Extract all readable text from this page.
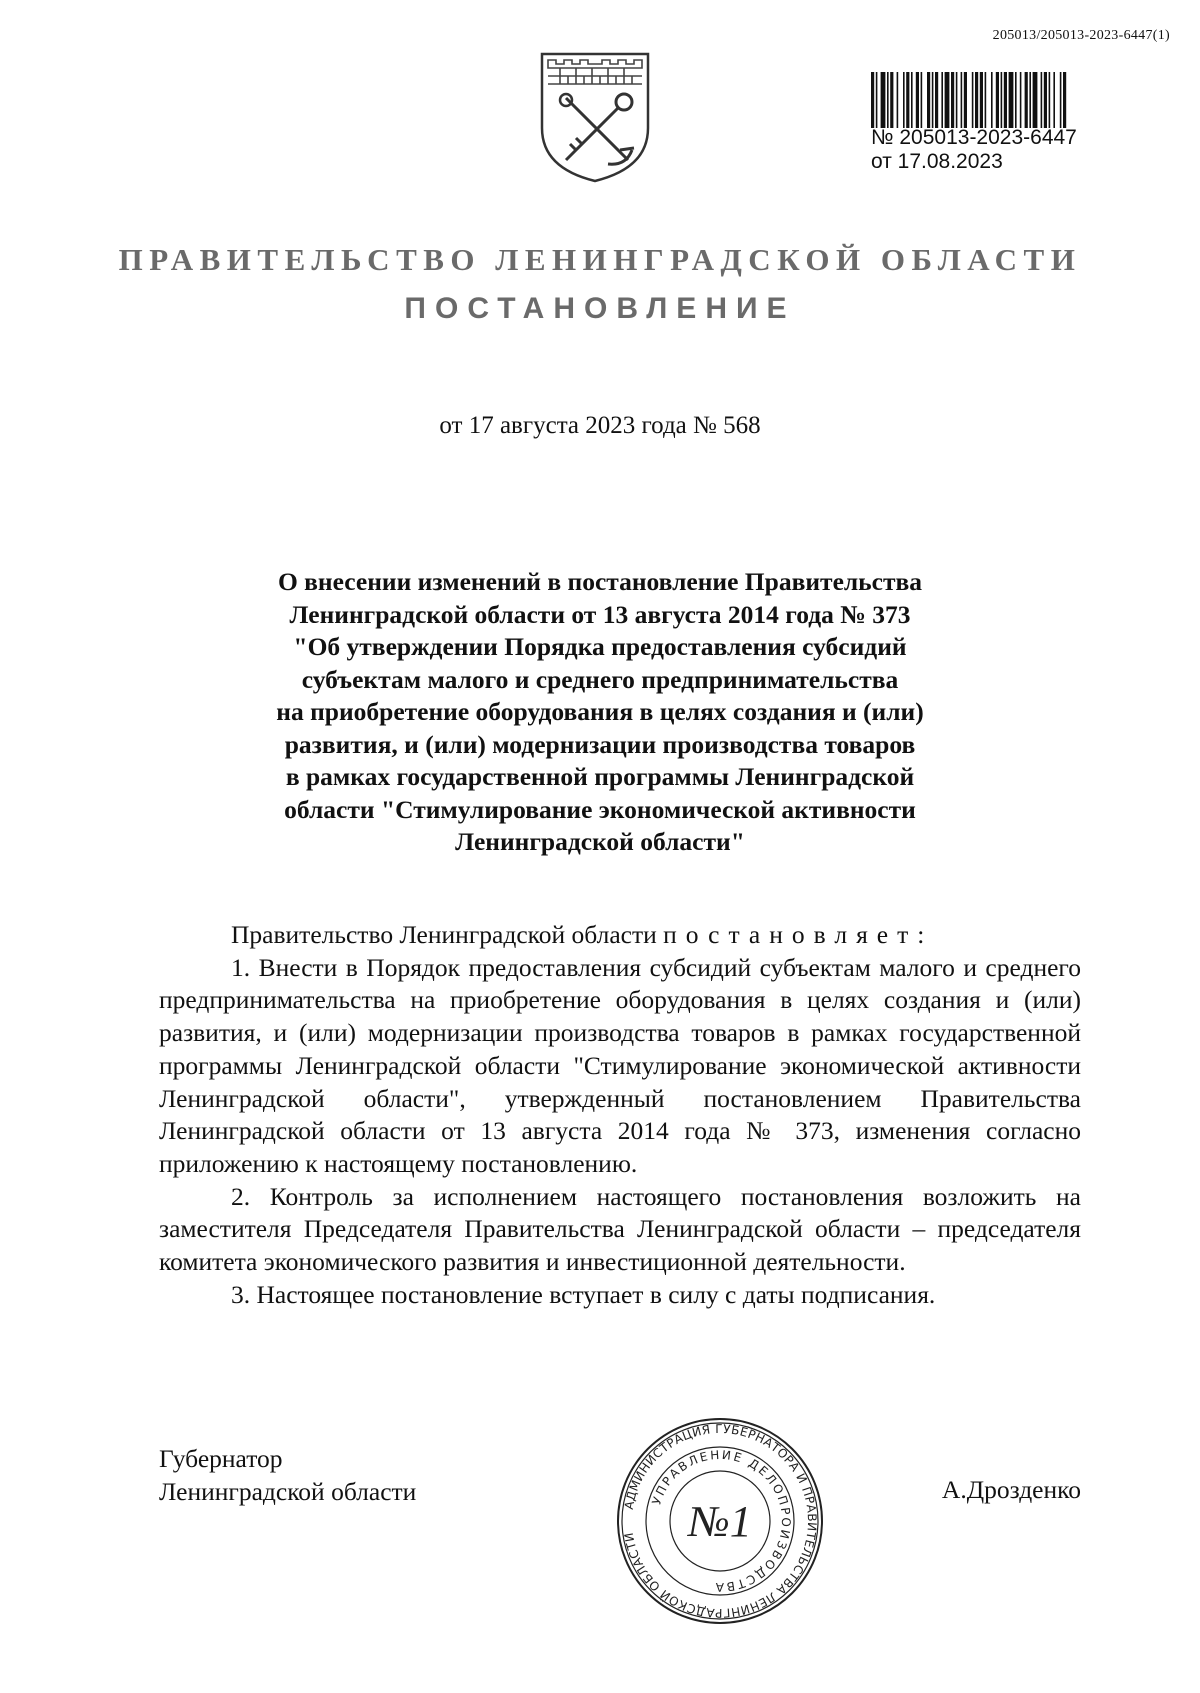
205013/205013-2023-6447(1)
№ 205013-2023-6447
от 17.08.2023
ПРАВИТЕЛЬСТВО ЛЕНИНГРАДСКОЙ ОБЛАСТИ
ПОСТАНОВЛЕНИЕ
от 17 августа 2023 года № 568
О внесении изменений в постановление Правительства
Ленинградской области от 13 августа 2014 года № 373
"Об утверждении Порядка предоставления субсидий
субъектам малого и среднего предпринимательства
на приобретение оборудования в целях создания и (или)
развития, и (или) модернизации производства товаров
в рамках государственной программы Ленинградской
области "Стимулирование экономической активности
Ленинградской области"

Правительство Ленинградской области постановляет:

1. Внести в Порядок предоставления субсидий субъектам малого и среднего предпринимательства на приобретение оборудования в целях создания и (или) развития, и (или) модернизации производства товаров в рамках государственной программы Ленинградской области "Стимулирование экономической активности Ленинградской области", утвержденный постановлением Правительства Ленинградской области от 13 августа 2014 года № 373, изменения согласно приложению к настоящему постановлению.

2. Контроль за исполнением настоящего постановления возложить на заместителя Председателя Правительства Ленинградской области – председателя комитета экономического развития и инвестиционной деятельности.

3. Настоящее постановление вступает в силу с даты подписания.

Губернатор
Ленинградской области	А.Дрозденко
АДМИНИСТРАЦИЯ ГУБЕРНАТОРА И ПРАВИТЕЛЬСТВА ЛЕНИНГРАДСКОЙ ОБЛАСТИ
УПРАВЛЕНИЕ ДЕЛОПРОИЗВОДСТВА
№1
